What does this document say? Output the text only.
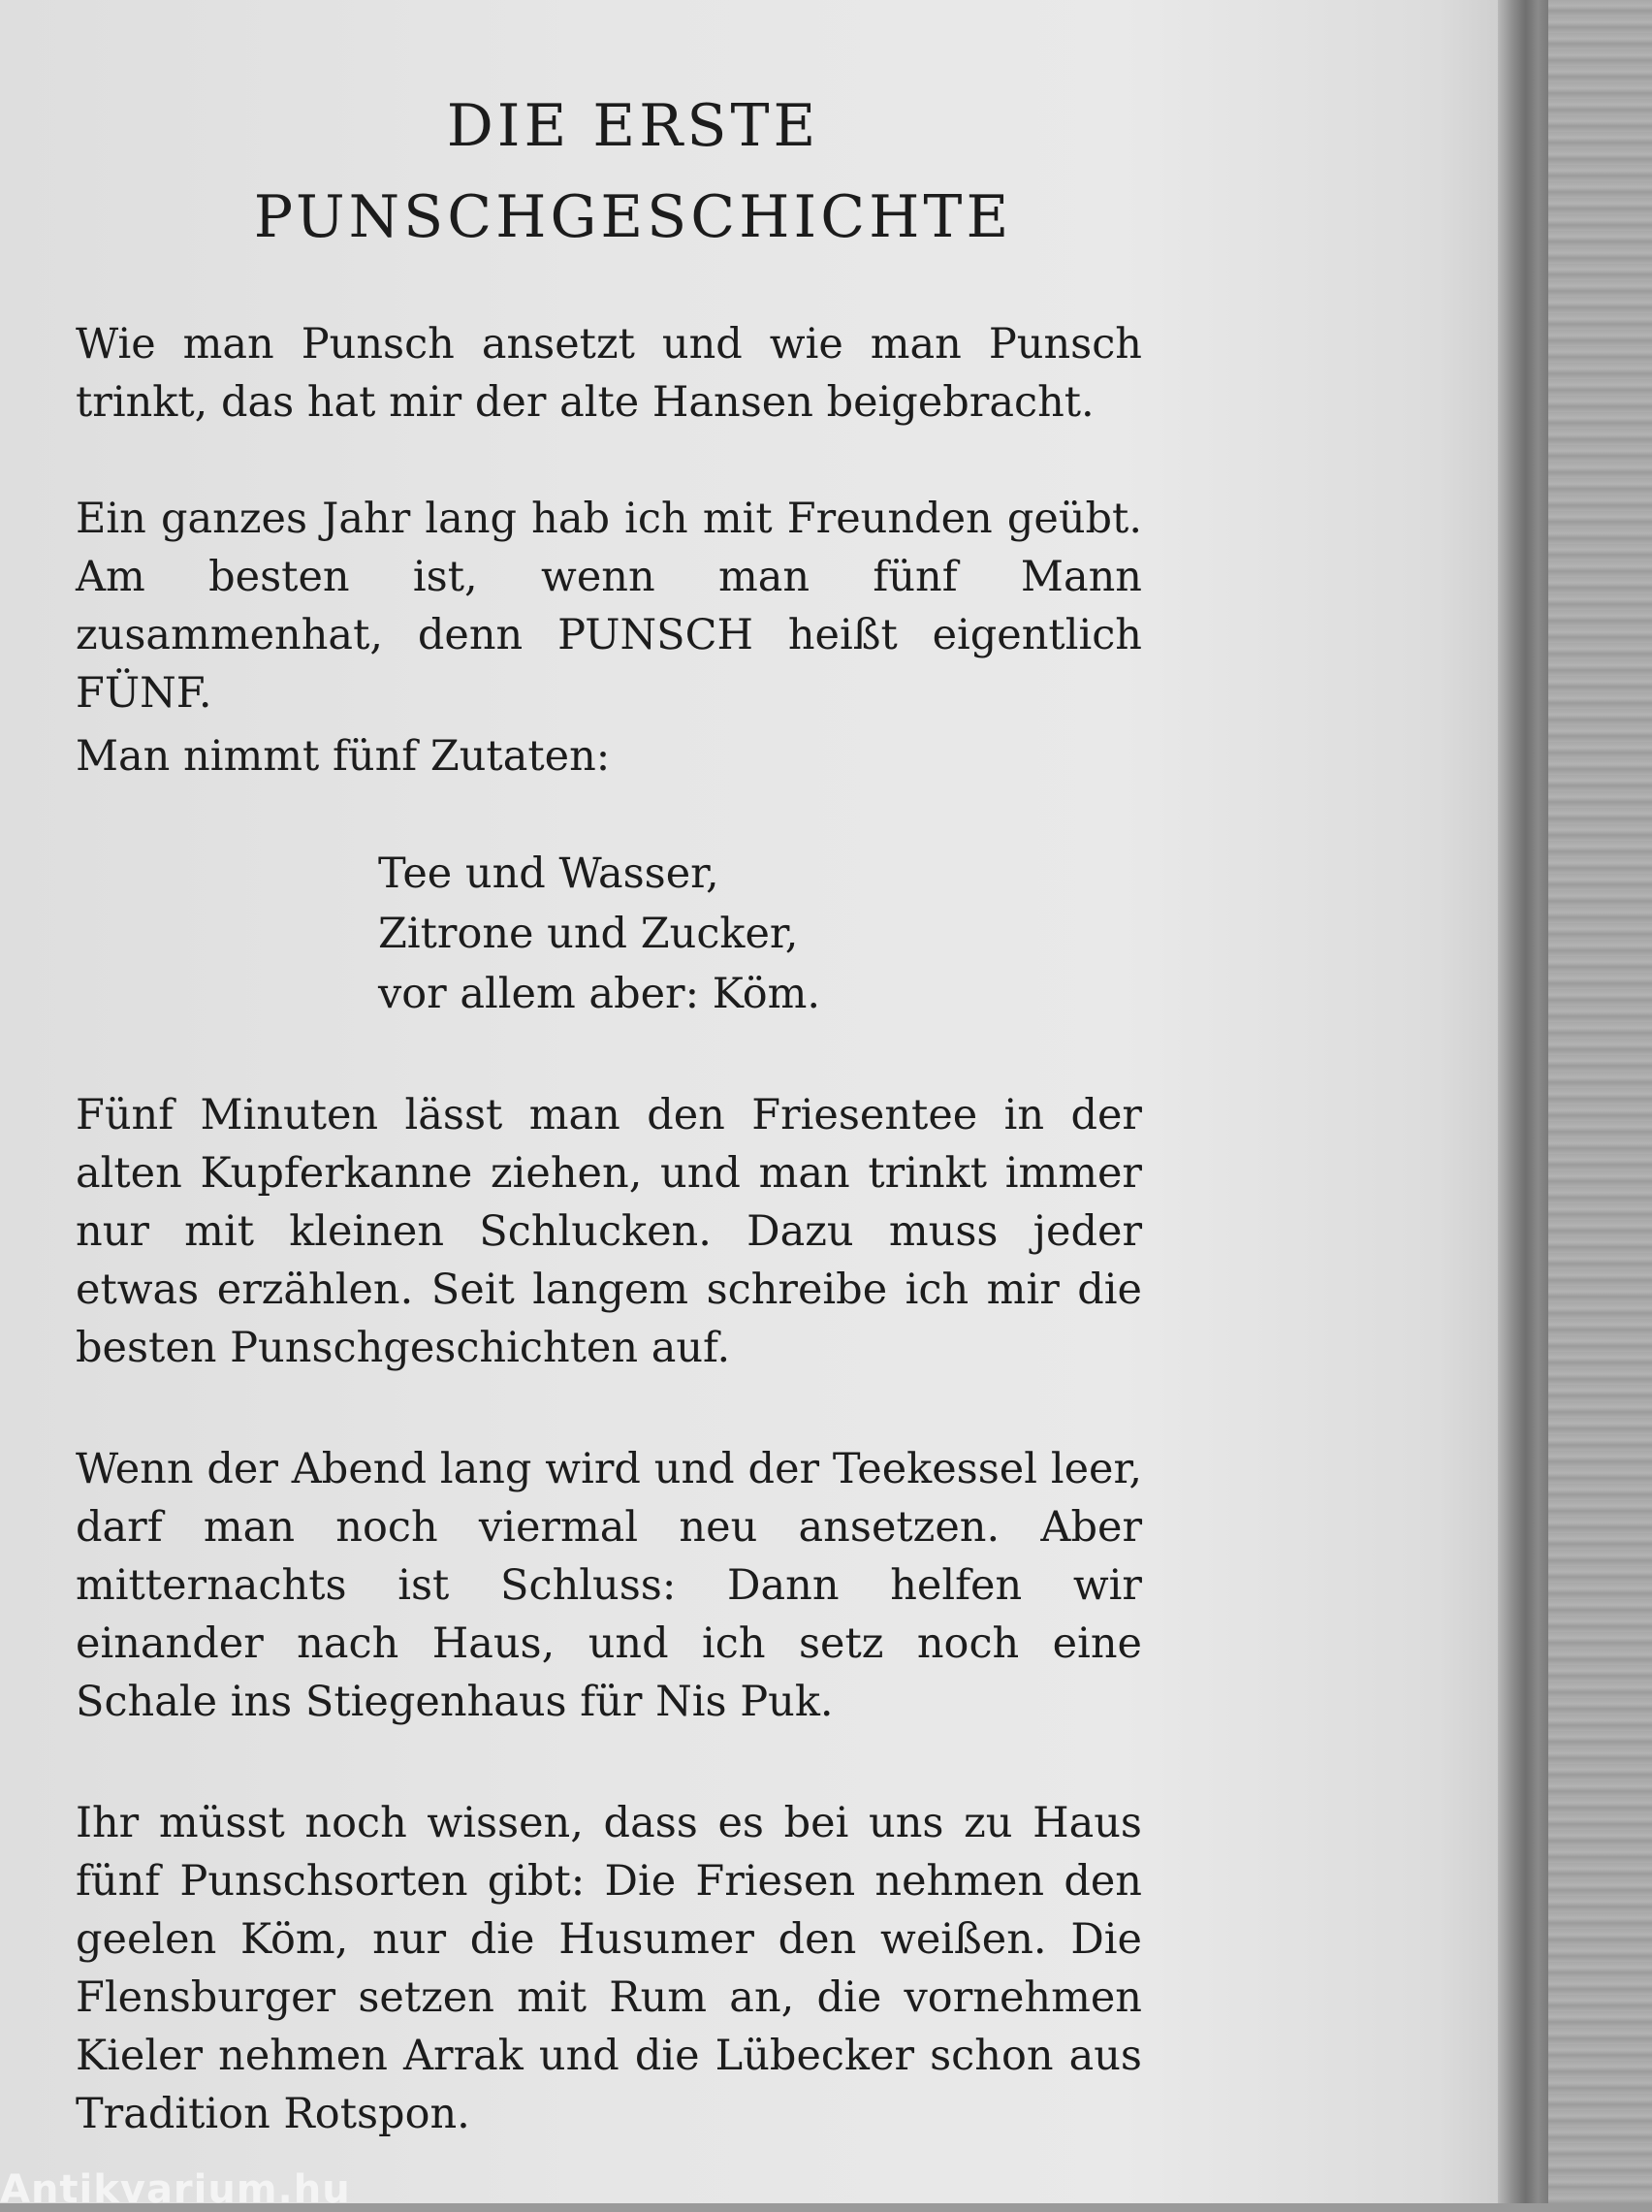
DIE ERSTE
PUNSCHGESCHICHTE

Wie man Punsch ansetzt und wie man Punsch trinkt, das hat mir der alte Hansen beigebracht.

Ein ganzes Jahr lang hab ich mit Freunden geübt. Am besten ist, wenn man fünf Mann zusammenhat, denn PUNSCH heißt eigentlich FÜNF.

Man nimmt fünf Zutaten:

Tee und Wasser,

Zitrone und Zucker,

vor allem aber: Köm.

Fünf Minuten lässt man den Friesentee in der alten Kupferkanne ziehen, und man trinkt immer nur mit kleinen Schlucken. Dazu muss jeder etwas erzählen. Seit langem schreibe ich mir die besten Punschgeschichten auf.

Wenn der Abend lang wird und der Teekessel leer, darf man noch viermal neu ansetzen. Aber mitternachts ist Schluss: Dann helfen wir einander nach Haus, und ich setz noch eine Schale ins Stiegenhaus für Nis Puk.

Ihr müsst noch wissen, dass es bei uns zu Haus fünf Punschsorten gibt: Die Friesen nehmen den geelen Köm, nur die Husumer den weißen. Die Flensburger setzen mit Rum an, die vornehmen Kieler nehmen Arrak und die Lübecker schon aus Tradition Rotspon.

Antikvarium.hu
